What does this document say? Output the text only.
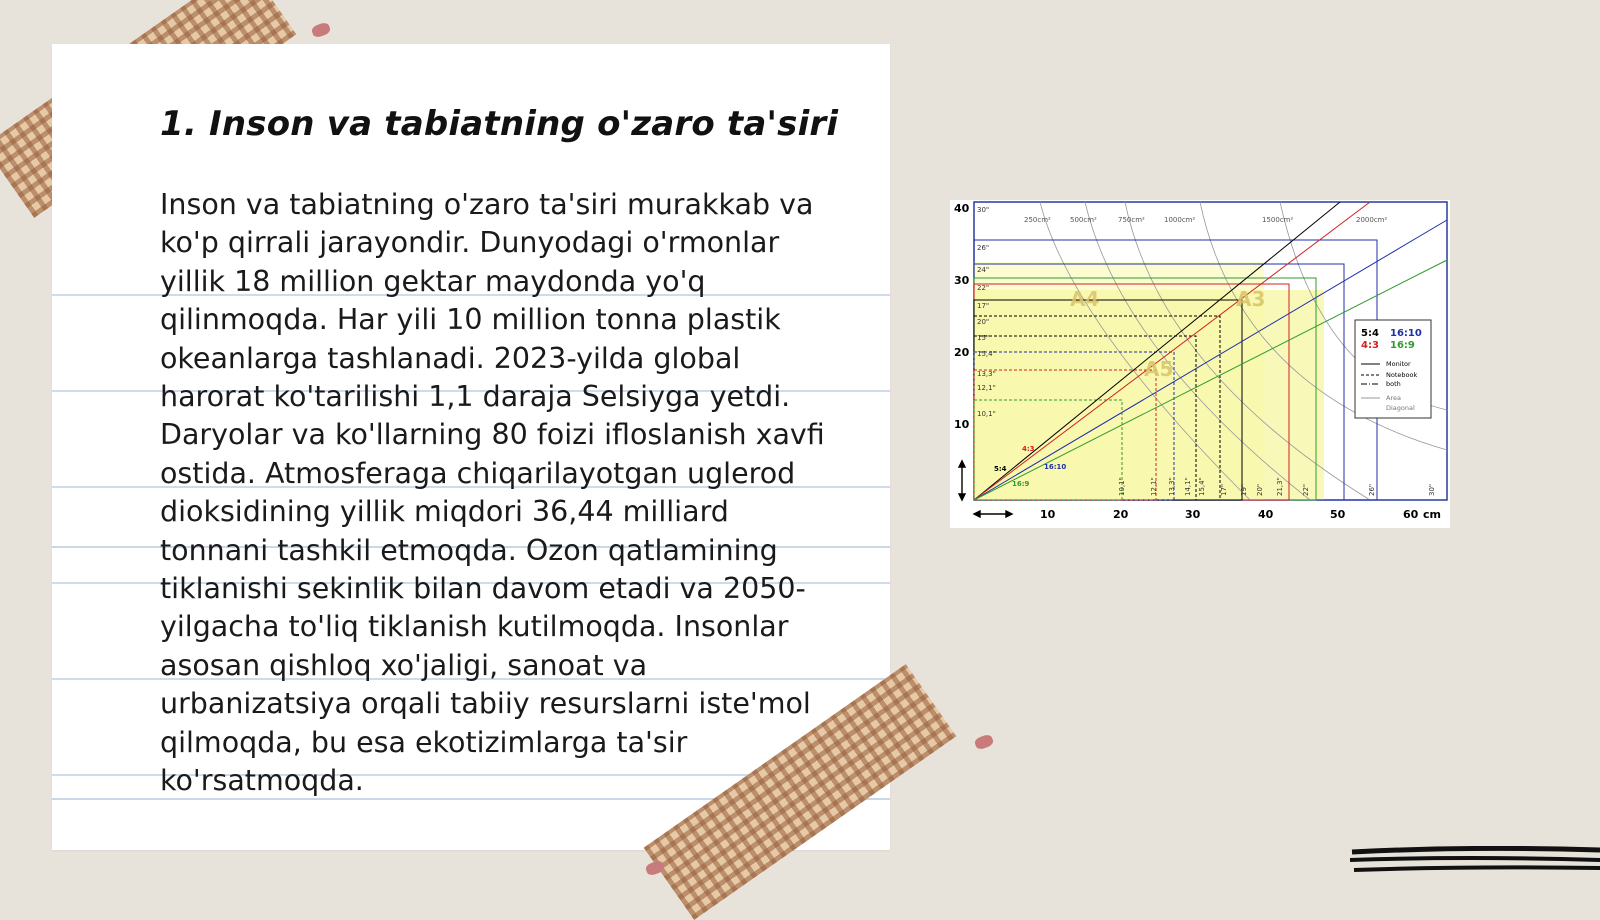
1. Inson va tabiatning o'zaro ta'siri

Inson va tabiatning o'zaro ta'siri murakkab va ko'p qirrali jarayondir. Dunyodagi o'rmonlar yillik 18 million gektar maydonda yo'q qilinmoqda. Har yili 10 million tonna plastik okeanlarga tashlanadi. 2023-yilda global harorat ko'tarilishi 1,1 daraja Selsiyga yetdi. Daryolar va ko'llarning 80 foizi ifloslanish xavfi ostida. Atmosferaga chiqarilayotgan uglerod dioksidining yillik miqdori 36,44 milliard tonnani tashkil etmoqda. Ozon qatlamining tiklanishi sekinlik bilan davom etadi va 2050-yilgacha to'liq tiklanish kutilmoqda. Insonlar asosan qishloq xo'jaligi, sanoat va urbanizatsiya orqali tabiiy resurslarni iste'mol qilmoqda, bu esa ekotizimlarga ta'sir ko'rsatmoqda.

40
30
20
10
10	20	30	40	50	60 cm
250cm²	500cm²	750cm²	1000cm²	1500cm²	2000cm²
A4	A3
A5
30"
26"
24"
22"
17"
20"
15"
15,4"
13,3"
12,1"
10,1"
10,1"	12,1" 13,3" 14,1" 15,4" 17" 19" 20" 21,3"	22"	26"	30"
5:4
4:3
16:10
16:9
5:4 16:10
4:3 16:9
Monitor
Notebook
both
Area
Diagonal
